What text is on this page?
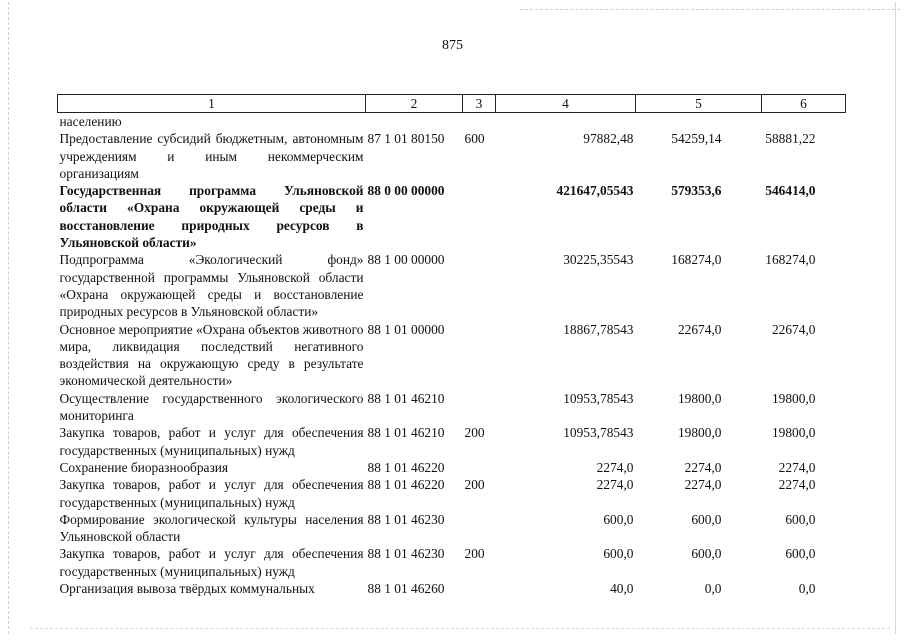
875
1	2	3	4	5	6
населению					
Предоставление субсидий бюджетным, автономным учреждениям и иным некоммерческим организациям	87 1 01 80150	600	97882,48	54259,14	58881,22
Государственная программа Ульяновской области «Охрана окружающей среды и восстановление природных ресурсов в Ульяновской области»	88 0 00 00000		421647,05543	579353,6	546414,0
Подпрограмма «Экологический фонд» государственной программы Ульяновской области «Охрана окружающей среды и восстановление природных ресурсов в Ульяновской области»	88 1 00 00000		30225,35543	168274,0	168274,0
Основное мероприятие «Охрана объектов животного мира, ликвидация последствий негативного воздействия на окружающую среду в результате экономической деятельности»	88 1 01 00000		18867,78543	22674,0	22674,0
Осуществление государственного экологического мониторинга	88 1 01 46210		10953,78543	19800,0	19800,0
Закупка товаров, работ и услуг для обеспечения государственных (муниципальных) нужд	88 1 01 46210	200	10953,78543	19800,0	19800,0
Сохранение биоразнообразия	88 1 01 46220		2274,0	2274,0	2274,0
Закупка товаров, работ и услуг для обеспечения государственных (муниципальных) нужд	88 1 01 46220	200	2274,0	2274,0	2274,0
Формирование экологической культуры населения Ульяновской области	88 1 01 46230		600,0	600,0	600,0
Закупка товаров, работ и услуг для обеспечения государственных (муниципальных) нужд	88 1 01 46230	200	600,0	600,0	600,0
Организация вывоза твёрдых коммунальных	88 1 01 46260		40,0	0,0	0,0
